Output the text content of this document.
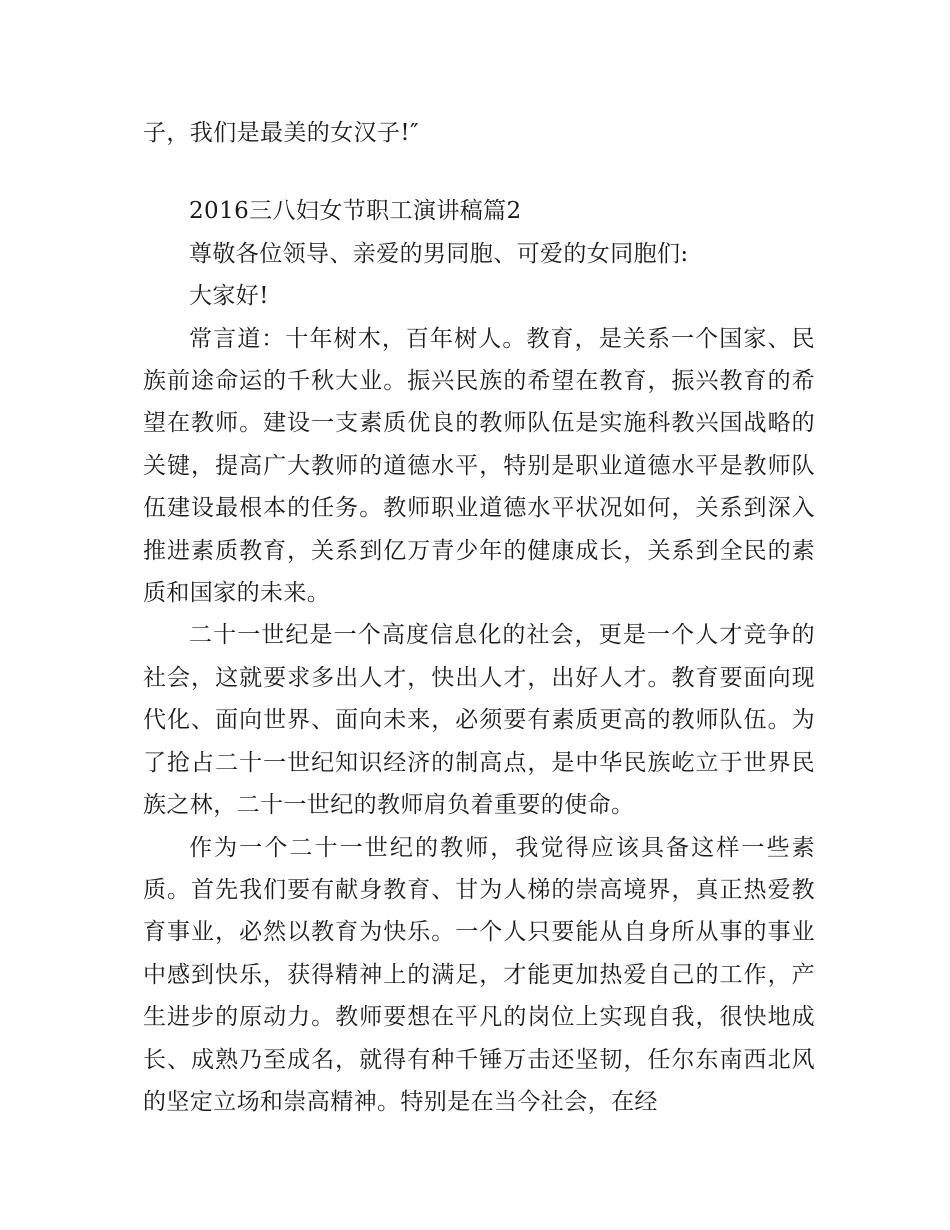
子，我们是最美的女汉子!″

2016三八妇女节职工演讲稿篇2

尊敬各位领导、亲爱的男同胞、可爱的女同胞们:

大家好!

常言道：十年树木，百年树人。教育，是关系一个国家、民族前途命运的千秋大业。振兴民族的希望在教育，振兴教育的希望在教师。建设一支素质优良的教师队伍是实施科教兴国战略的关键，提高广大教师的道德水平，特别是职业道德水平是教师队伍建设最根本的任务。教师职业道德水平状况如何，关系到深入推进素质教育，关系到亿万青少年的健康成长，关系到全民的素质和国家的未来。

二十一世纪是一个高度信息化的社会，更是一个人才竞争的社会，这就要求多出人才，快出人才，出好人才。教育要面向现代化、面向世界、面向未来，必须要有素质更高的教师队伍。为了抢占二十一世纪知识经济的制高点，是中华民族屹立于世界民族之林，二十一世纪的教师肩负着重要的使命。

作为一个二十一世纪的教师，我觉得应该具备这样一些素质。首先我们要有献身教育、甘为人梯的崇高境界，真正热爱教育事业，必然以教育为快乐。一个人只要能从自身所从事的事业中感到快乐，获得精神上的满足，才能更加热爱自己的工作，产生进步的原动力。教师要想在平凡的岗位上实现自我，很快地成长、成熟乃至成名，就得有种千锤万击还坚韧，任尔东南西北风的坚定立场和崇高精神。特别是在当今社会，在经
